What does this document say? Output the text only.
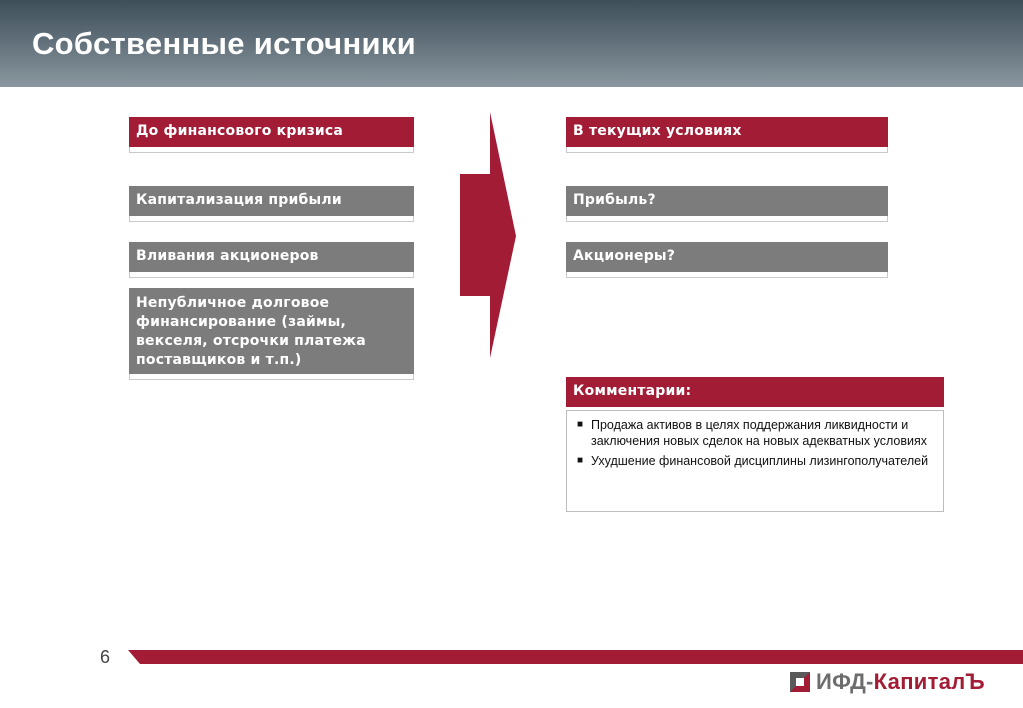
Собственные источники
До финансового кризиса
Капитализация прибыли
Вливания акционеров
Непубличное долговое финансирование (займы, векселя, отсрочки платежа поставщиков и т.п.)
В текущих условиях
Прибыль?
Акционеры?
Комментарии:
■ Продажа активов в целях поддержания ликвидности и заключения новых сделок на новых адекватных условиях
■ Ухудшение финансовой дисциплины лизингополучателей
6
ИФД-КапиталЪ
